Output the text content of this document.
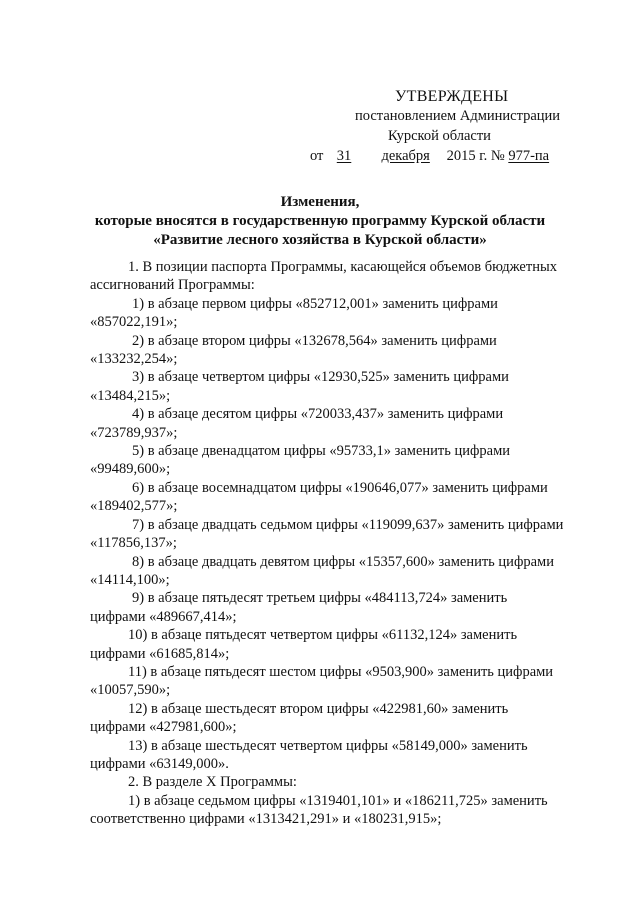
УТВЕРЖДЕНЫ
постановлением Администрации
Курской области
от 31 декабря 2015 г. № 977-па
Изменения,
которые вносятся в государственную программу Курской области
«Развитие лесного хозяйства в Курской области»
1. В позиции паспорта Программы, касающейся объемов бюджетных
ассигнований Программы:
1) в абзаце первом цифры «852712,001» заменить цифрами
«857022,191»;
2) в абзаце втором цифры «132678,564» заменить цифрами
«133232,254»;
3) в абзаце четвертом цифры «12930,525» заменить цифрами
«13484,215»;
4) в абзаце десятом цифры «720033,437» заменить цифрами
«723789,937»;
5) в абзаце двенадцатом цифры «95733,1» заменить цифрами
«99489,600»;
6) в абзаце восемнадцатом цифры «190646,077» заменить цифрами
«189402,577»;
7) в абзаце двадцать седьмом цифры «119099,637» заменить цифрами
«117856,137»;
8) в абзаце двадцать девятом цифры «15357,600» заменить цифрами
«14114,100»;
9) в абзаце пятьдесят третьем цифры «484113,724» заменить
цифрами «489667,414»;
10) в абзаце пятьдесят четвертом цифры «61132,124» заменить
цифрами «61685,814»;
11) в абзаце пятьдесят шестом цифры «9503,900» заменить цифрами
«10057,590»;
12) в абзаце шестьдесят втором цифры «422981,60» заменить
цифрами «427981,600»;
13) в абзаце шестьдесят четвертом цифры «58149,000» заменить
цифрами «63149,000».
2. В разделе X Программы:
1) в абзаце седьмом цифры «1319401,101» и «186211,725» заменить
соответственно цифрами «1313421,291» и «180231,915»;
